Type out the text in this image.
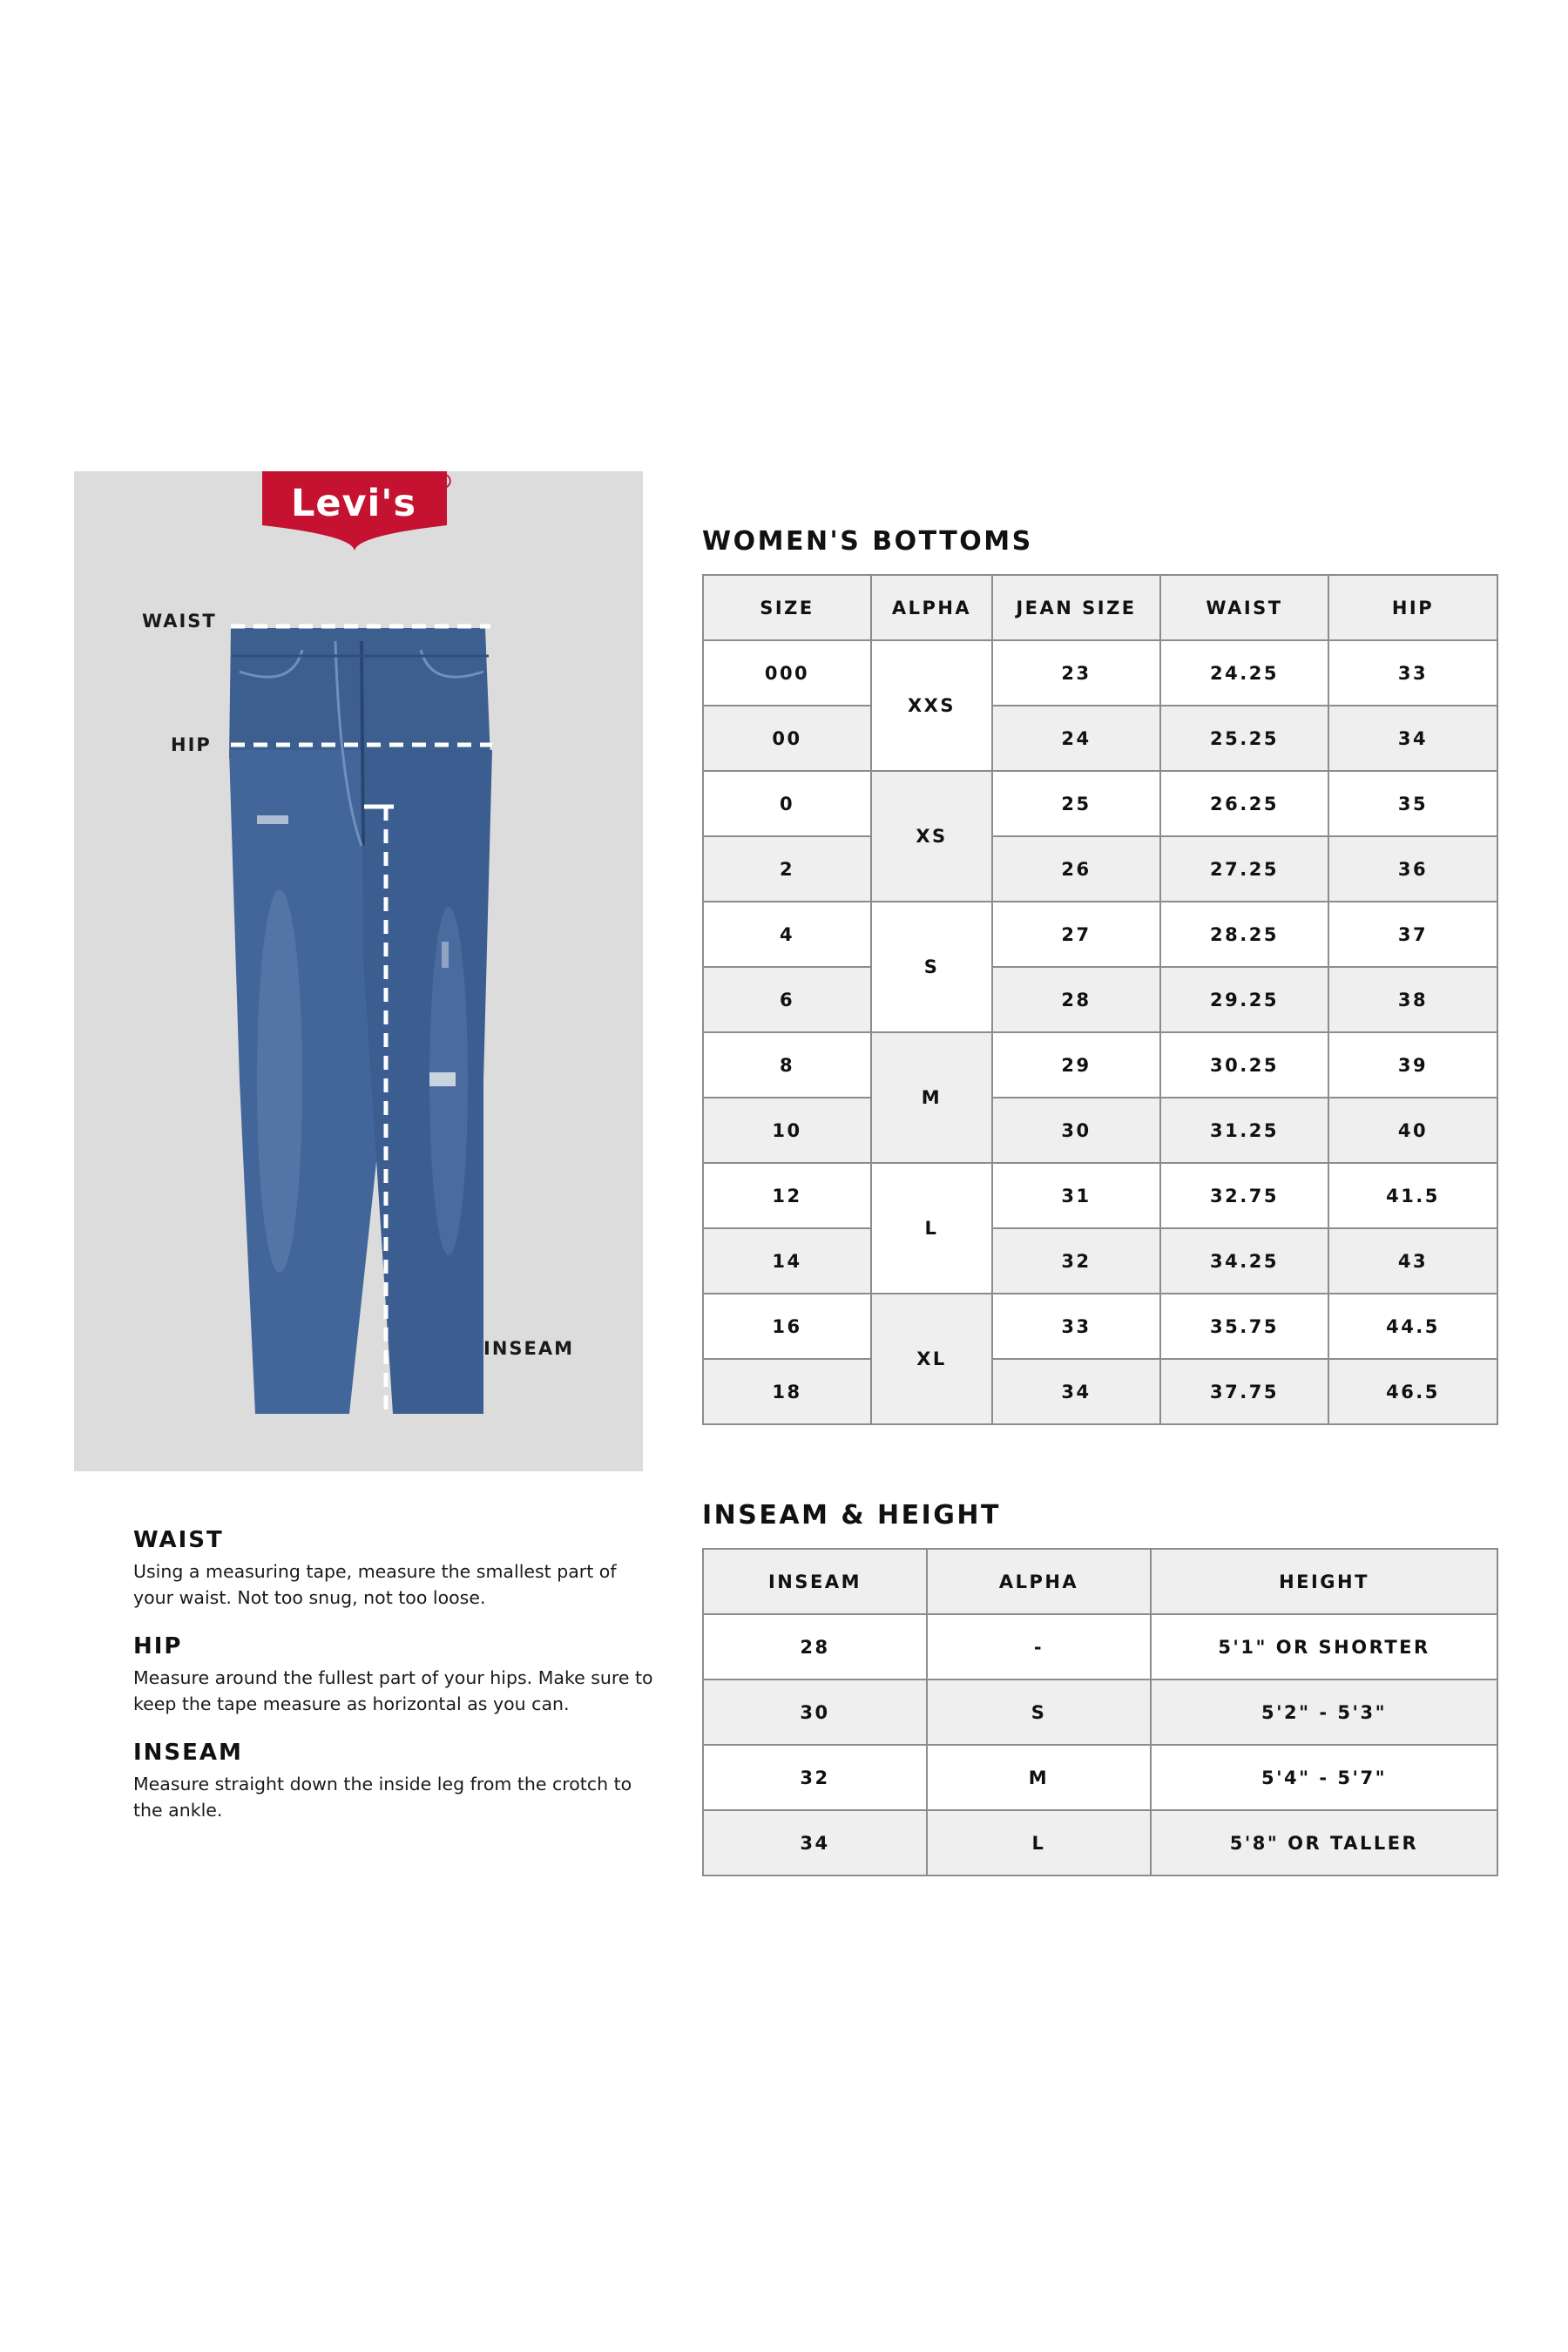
Levi's ®
WAIST
HIP
INSEAM
WAIST

Using a measuring tape, measure the smallest part of your waist. Not too snug, not too loose.

HIP

Measure around the fullest part of your hips. Make sure to keep the tape measure as horizontal as you can.

INSEAM

Measure straight down the inside leg from the crotch to the ankle.

WOMEN'S BOTTOMS
SIZE	ALPHA	JEAN SIZE	WAIST	HIP
000	XXS	23	24.25	33
00		24	25.25	34
0	XS	25	26.25	35
2		26	27.25	36
4	S	27	28.25	37
6		28	29.25	38
8	M	29	30.25	39
10		30	31.25	40
12	L	31	32.75	41.5
14		32	34.25	43
16	XL	33	35.75	44.5
18		34	37.75	46.5
INSEAM & HEIGHT
INSEAM	ALPHA	HEIGHT
28	-	5'1" OR SHORTER
30	S	5'2" - 5'3"
32	M	5'4" - 5'7"
34	L	5'8" OR TALLER
